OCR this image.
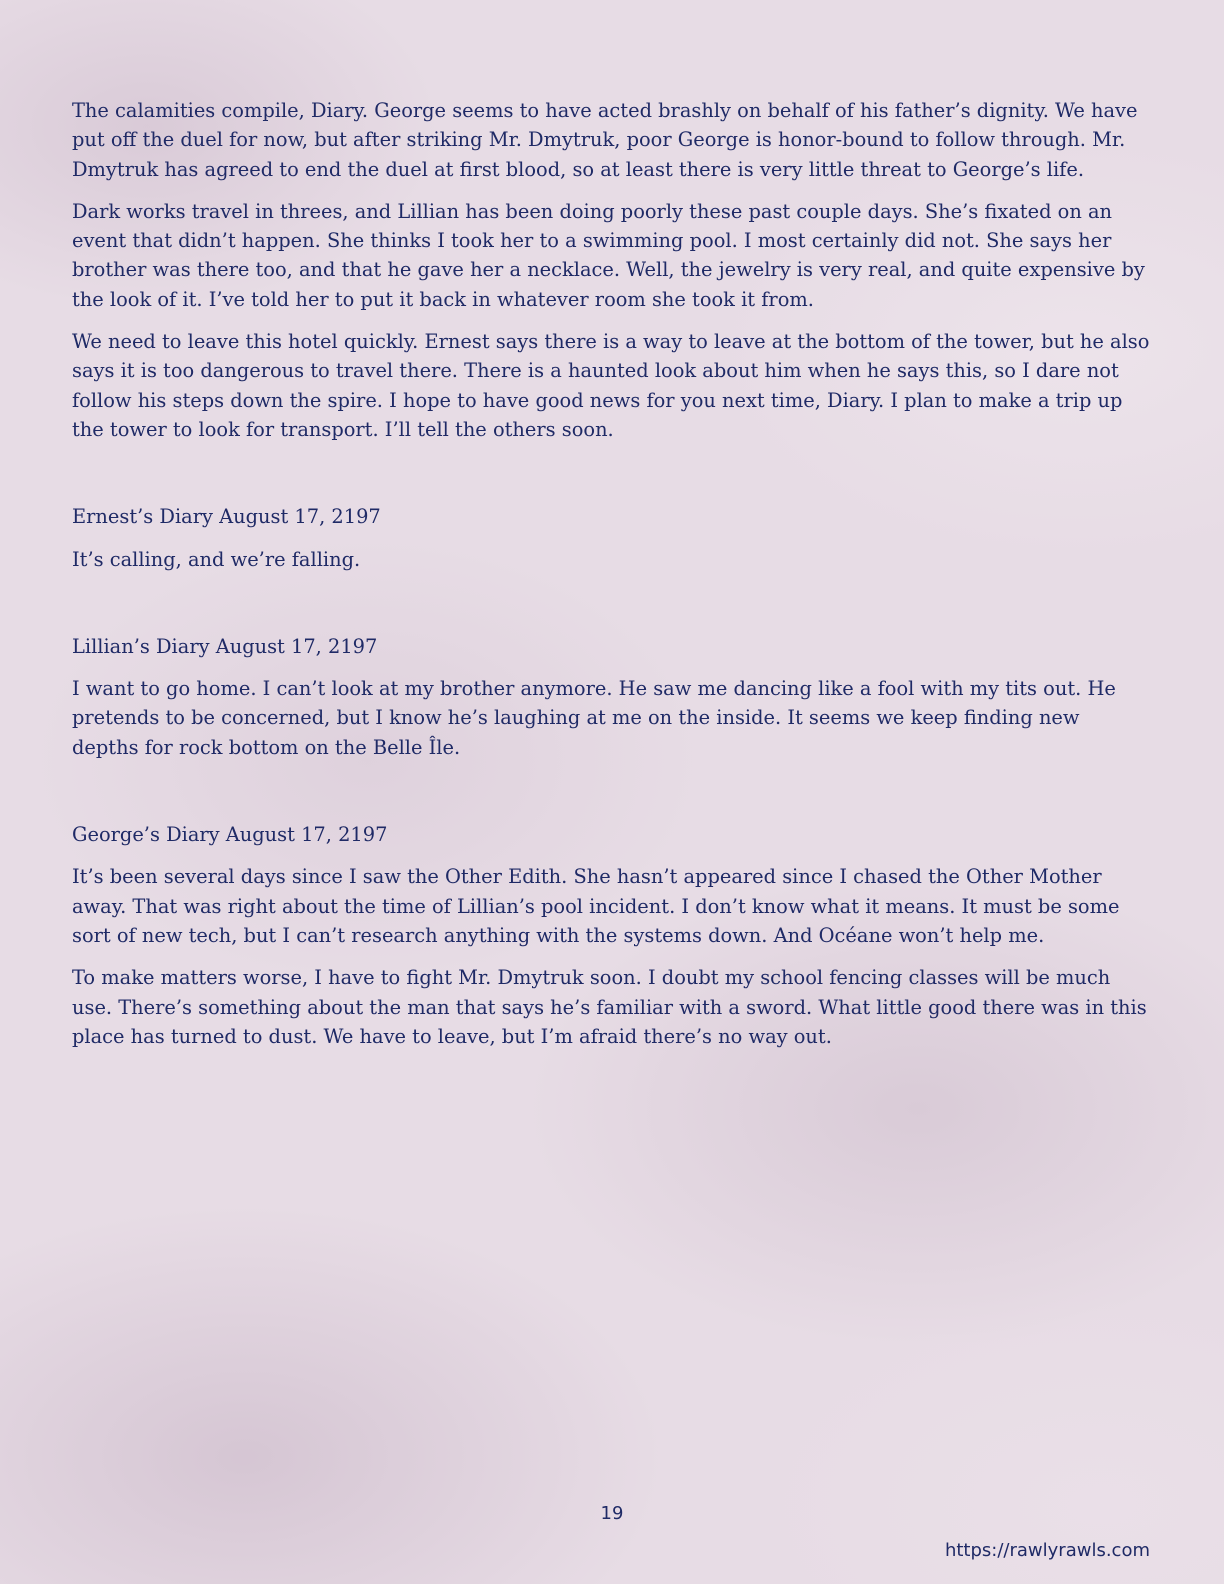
The calamities compile, Diary. George seems to have acted brashly on behalf of his father’s dignity. We have put off the duel for now, but after striking Mr. Dmytruk, poor George is honor-bound to follow through. Mr. Dmytruk has agreed to end the duel at first blood, so at least there is very little threat to George’s life.

Dark works travel in threes, and Lillian has been doing poorly these past couple days. She’s fixated on an event that didn’t happen. She thinks I took her to a swimming pool. I most certainly did not. She says her brother was there too, and that he gave her a necklace. Well, the jewelry is very real, and quite expensive by the look of it. I’ve told her to put it back in whatever room she took it from.

We need to leave this hotel quickly. Ernest says there is a way to leave at the bottom of the tower, but he also says it is too dangerous to travel there. There is a haunted look about him when he says this, so I dare not follow his steps down the spire. I hope to have good news for you next time, Diary. I plan to make a trip up the tower to look for transport. I’ll tell the others soon.

Ernest’s Diary August 17, 2197

It’s calling, and we’re falling.

Lillian’s Diary August 17, 2197

I want to go home. I can’t look at my brother anymore. He saw me dancing like a fool with my tits out. He pretends to be concerned, but I know he’s laughing at me on the inside. It seems we keep finding new depths for rock bottom on the Belle Île.

George’s Diary August 17, 2197

It’s been several days since I saw the Other Edith. She hasn’t appeared since I chased the Other Mother away. That was right about the time of Lillian’s pool incident. I don’t know what it means. It must be some sort of new tech, but I can’t research anything with the systems down. And Océane won’t help me.

To make matters worse, I have to fight Mr. Dmytruk soon. I doubt my school fencing classes will be much use. There’s something about the man that says he’s familiar with a sword. What little good there was in this place has turned to dust. We have to leave, but I’m afraid there’s no way out.

19
https://rawlyrawls.com
